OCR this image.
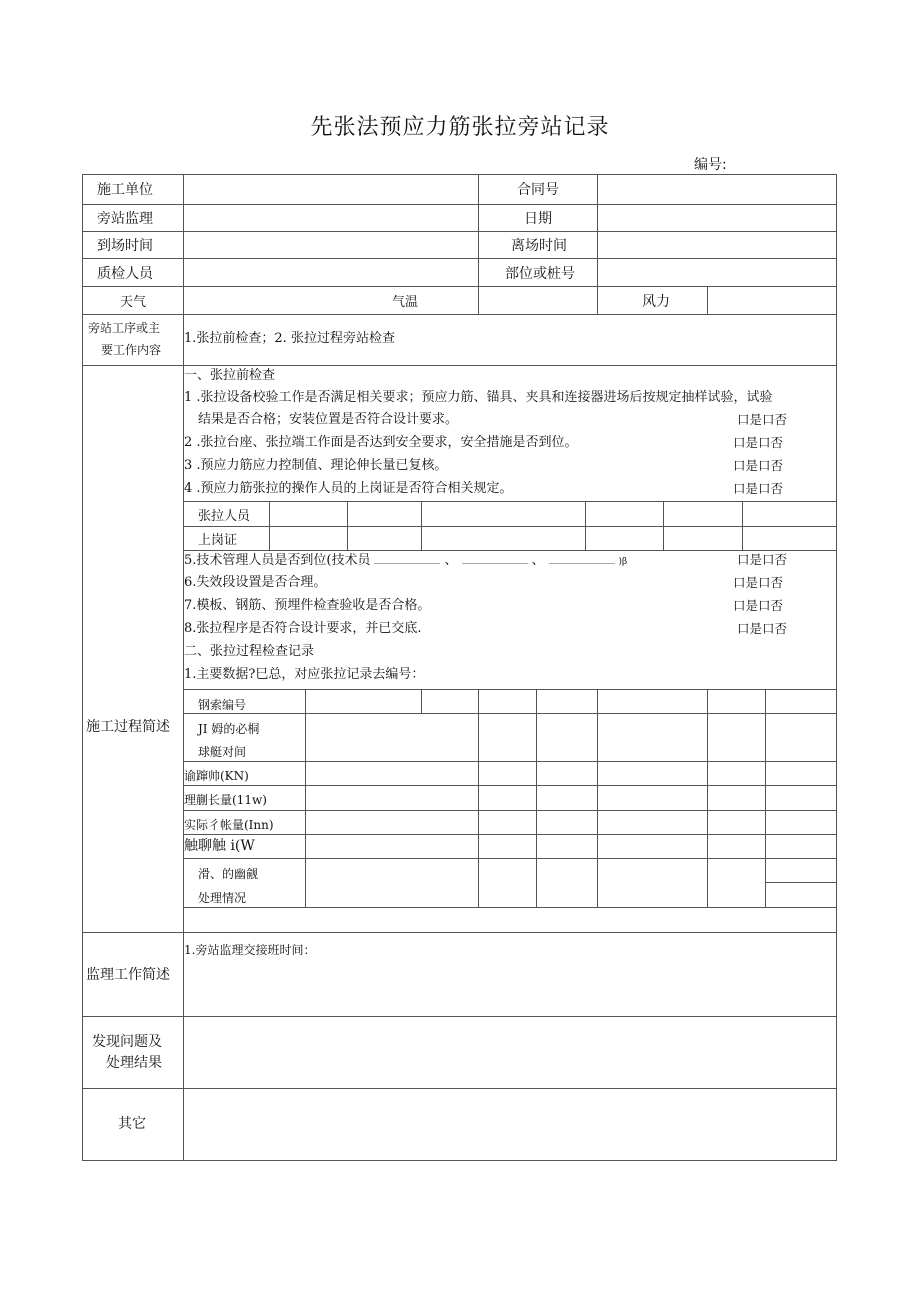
先张法预应力筋张拉旁站记录
编号:
施工单位	合同号
旁站监理	日期
到场时间	离场时间
质检人员	部位或桩号
天气	气温	风力
旁站工序或主
要工作内容
1.张拉前检查；2. 张拉过程旁站检查
施工过程简述
一、张拉前检查
1 .张拉设备校验工作是否满足相关要求；预应力筋、锚具、夹具和连接器进场后按规定抽样试验，试验
结果是否合格；安装位置是否符合设计要求。	口是口否
2 .张拉台座、张拉端工作面是否达到安全要求，安全措施是否到位。	口是口否
3 .预应力筋应力控制值、理论伸长量已复核。	口是口否
4 .预应力筋张拉的操作人员的上岗证是否符合相关规定。	口是口否
张拉人员
上岗证
5.技术管理人员是否到位(技术员	、	、	)β	口是口否
6.失效段设置是否合理。	口是口否
7.模板、钢筋、预埋件检查验收是否合格。	口是口否
8.张拉程序是否符合设计要求，并已交底.	口是口否
二、张拉过程检查记录
1.主要数据?巳总，对应张拉记录去编号：
钢索编号
JI 姆的必桐
球艇对间
谕蹿帅(KN)
理蒯长量(11w)
实际彳帐量(Inn)
触聊触 i(W
滑、的幽觎
处理情况
监理工作简述
1.旁站监理交接班时间：
发现问题及
处理结果
其它
